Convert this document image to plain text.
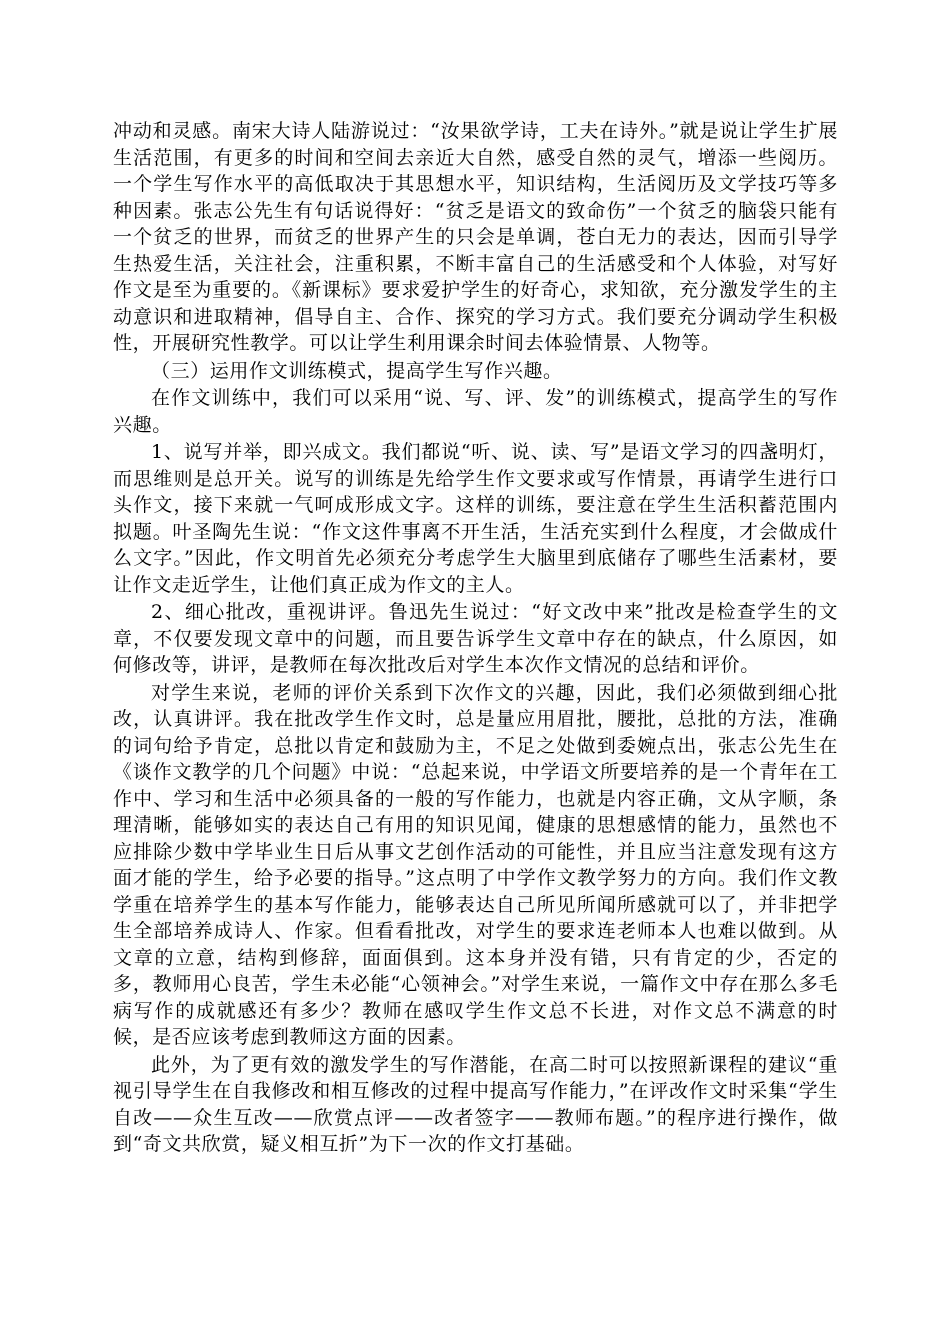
冲动和灵感。南宋大诗人陆游说过：“汝果欲学诗，工夫在诗外。”就是说让学生扩展生活范围，有更多的时间和空间去亲近大自然，感受自然的灵气，增添一些阅历。一个学生写作水平的高低取决于其思想水平，知识结构，生活阅历及文学技巧等多种因素。张志公先生有句话说得好：“贫乏是语文的致命伤”一个贫乏的脑袋只能有一个贫乏的世界，而贫乏的世界产生的只会是单调，苍白无力的表达，因而引导学生热爱生活，关注社会，注重积累，不断丰富自己的生活感受和个人体验，对写好作文是至为重要的。《新课标》要求爱护学生的好奇心，求知欲，充分激发学生的主动意识和进取精神，倡导自主、合作、探究的学习方式。我们要充分调动学生积极性，开展研究性教学。可以让学生利用课余时间去体验情景、人物等。

（三）运用作文训练模式，提高学生写作兴趣。

在作文训练中，我们可以采用“说、写、评、发”的训练模式，提高学生的写作兴趣。

1、说写并举，即兴成文。我们都说“听、说、读、写”是语文学习的四盏明灯，而思维则是总开关。说写的训练是先给学生作文要求或写作情景，再请学生进行口头作文，接下来就一气呵成形成文字。这样的训练，要注意在学生生活积蓄范围内拟题。叶圣陶先生说：“作文这件事离不开生活，生活充实到什么程度，才会做成什么文字。”因此，作文明首先必须充分考虑学生大脑里到底储存了哪些生活素材，要让作文走近学生，让他们真正成为作文的主人。

2、细心批改，重视讲评。鲁迅先生说过：“好文改中来”批改是检查学生的文章，不仅要发现文章中的问题，而且要告诉学生文章中存在的缺点，什么原因，如何修改等，讲评，是教师在每次批改后对学生本次作文情况的总结和评价。

对学生来说，老师的评价关系到下次作文的兴趣，因此，我们必须做到细心批改，认真讲评。我在批改学生作文时，总是量应用眉批，腰批，总批的方法，准确的词句给予肯定，总批以肯定和鼓励为主，不足之处做到委婉点出，张志公先生在《谈作文教学的几个问题》中说：“总起来说，中学语文所要培养的是一个青年在工作中、学习和生活中必须具备的一般的写作能力，也就是内容正确，文从字顺，条理清晰，能够如实的表达自己有用的知识见闻，健康的思想感情的能力，虽然也不应排除少数中学毕业生日后从事文艺创作活动的可能性，并且应当注意发现有这方面才能的学生，给予必要的指导。”这点明了中学作文教学努力的方向。我们作文教学重在培养学生的基本写作能力，能够表达自己所见所闻所感就可以了，并非把学生全部培养成诗人、作家。但看看批改，对学生的要求连老师本人也难以做到。从文章的立意，结构到修辞，面面俱到。这本身并没有错，只有肯定的少，否定的多，教师用心良苦，学生未必能“心领神会。”对学生来说，一篇作文中存在那么多毛病写作的成就感还有多少？教师在感叹学生作文总不长进，对作文总不满意的时候，是否应该考虑到教师这方面的因素。

此外，为了更有效的激发学生的写作潜能，在高二时可以按照新课程的建议“重视引导学生在自我修改和相互修改的过程中提高写作能力，”在评改作文时采集“学生自改——众生互改——欣赏点评——改者签字——教师布题。”的程序进行操作，做到“奇文共欣赏，疑义相互折”为下一次的作文打基础。
